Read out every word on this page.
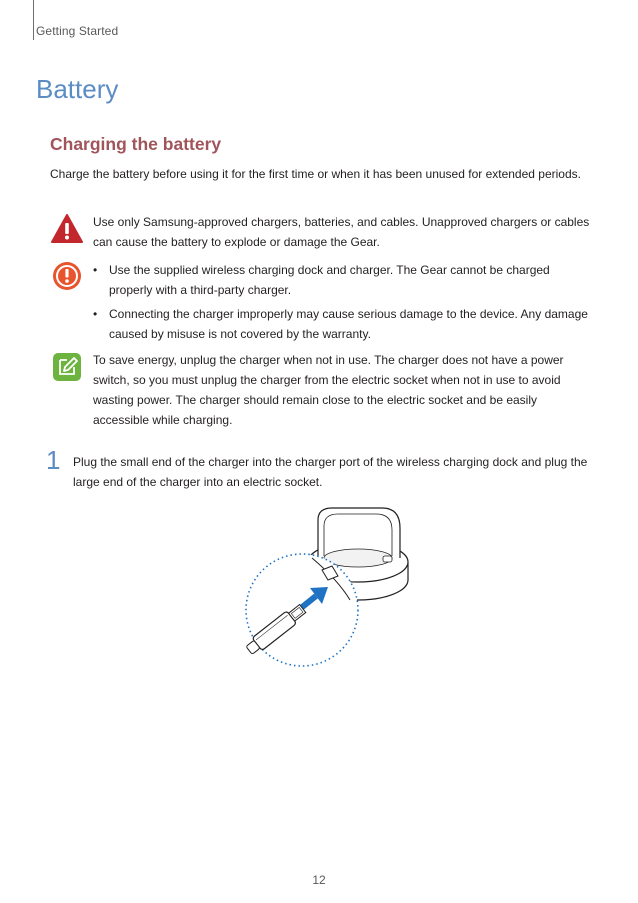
Getting Started
Battery
Charging the battery
Charge the battery before using it for the first time or when it has been unused for extended periods.
Use only Samsung-approved chargers, batteries, and cables. Unapproved chargers or cables can cause the battery to explode or damage the Gear.
• Use the supplied wireless charging dock and charger. The Gear cannot be charged properly with a third-party charger.
• Connecting the charger improperly may cause serious damage to the device. Any damage caused by misuse is not covered by the warranty.
To save energy, unplug the charger when not in use. The charger does not have a power switch, so you must unplug the charger from the electric socket when not in use to avoid wasting power. The charger should remain close to the electric socket and be easily accessible while charging.
1 Plug the small end of the charger into the charger port of the wireless charging dock and plug the large end of the charger into an electric socket.
12
